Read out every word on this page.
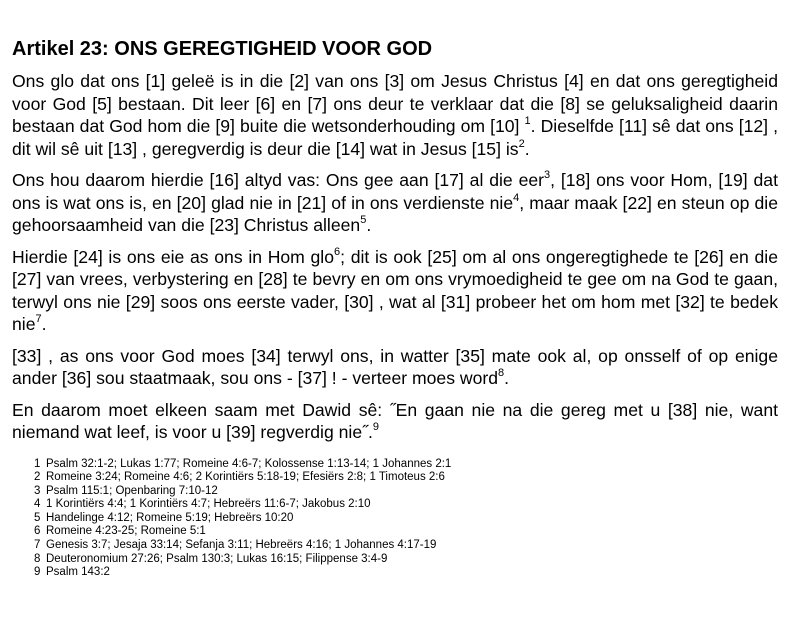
Artikel 23: ONS GEREGTIGHEID VOOR GOD

Ons glo dat ons [1] geleë is in die [2] van ons [3] om Jesus Christus [4] en dat ons geregtigheid voor God [5] bestaan. Dit leer [6] en [7] ons deur te verklaar dat die [8] se geluksaligheid daarin bestaan dat God hom die [9] buite die wetsonderhouding om [10] $^1$. Dieselfde [11] sê dat ons [12] , dit wil sê uit [13] , geregverdig is deur die [14] wat in Jesus [15] $is^2$.

Ons hou daarom hierdie [16] altyd vas: Ons gee aan [17] al die eer$^3$, [18] ons voor Hom, [19] dat ons is wat ons is, en [20] glad nie in [21] of in ons verdienste nie$^4$, maar maak [22] en steun op die gehoorsaamheid van die [23] Christus alleen$^5$.

Hierdie [24] is ons eie as ons in Hom glo$^6$; dit is ook [25] om al ons ongeregtighede te [26] en die [27] van vrees, verbystering en [28] te bevry en om ons vrymoedigheid te gee om na God te gaan, terwyl ons nie [29] soos ons eerste vader, [30] , wat al [31] probeer het om hom met [32] te bedek nie$^7$.

[33] , as ons voor God moes [34] terwyl ons, in watter [35] mate ook al, op onsself of op enige ander [36] sou staatmaak, sou ons - [37] ! - verteer moes word$^8$.

En daarom moet elkeen saam met Dawid sê: ˝En gaan nie na die gereg met u [38] nie, want niemand wat leef, is voor u [39] regverdig nie˝.$^9$

1 Psalm 32:1-2; Lukas 1:77; Romeine 4:6-7; Kolossense 1:13-14; 1 Johannes 2:1
2 Romeine 3:24; Romeine 4:6; 2 Korintiërs 5:18-19; Efesiërs 2:8; 1 Timoteus 2:6
3 Psalm 115:1; Openbaring 7:10-12
4 1 Korintiërs 4:4; 1 Korintiërs 4:7; Hebreërs 11:6-7; Jakobus 2:10
5 Handelinge 4:12; Romeine 5:19; Hebreërs 10:20
6 Romeine 4:23-25; Romeine 5:1
7 Genesis 3:7; Jesaja 33:14; Sefanja 3:11; Hebreërs 4:16; 1 Johannes 4:17-19
8 Deuteronomium 27:26; Psalm 130:3; Lukas 16:15; Filippense 3:4-9
9 Psalm 143:2
